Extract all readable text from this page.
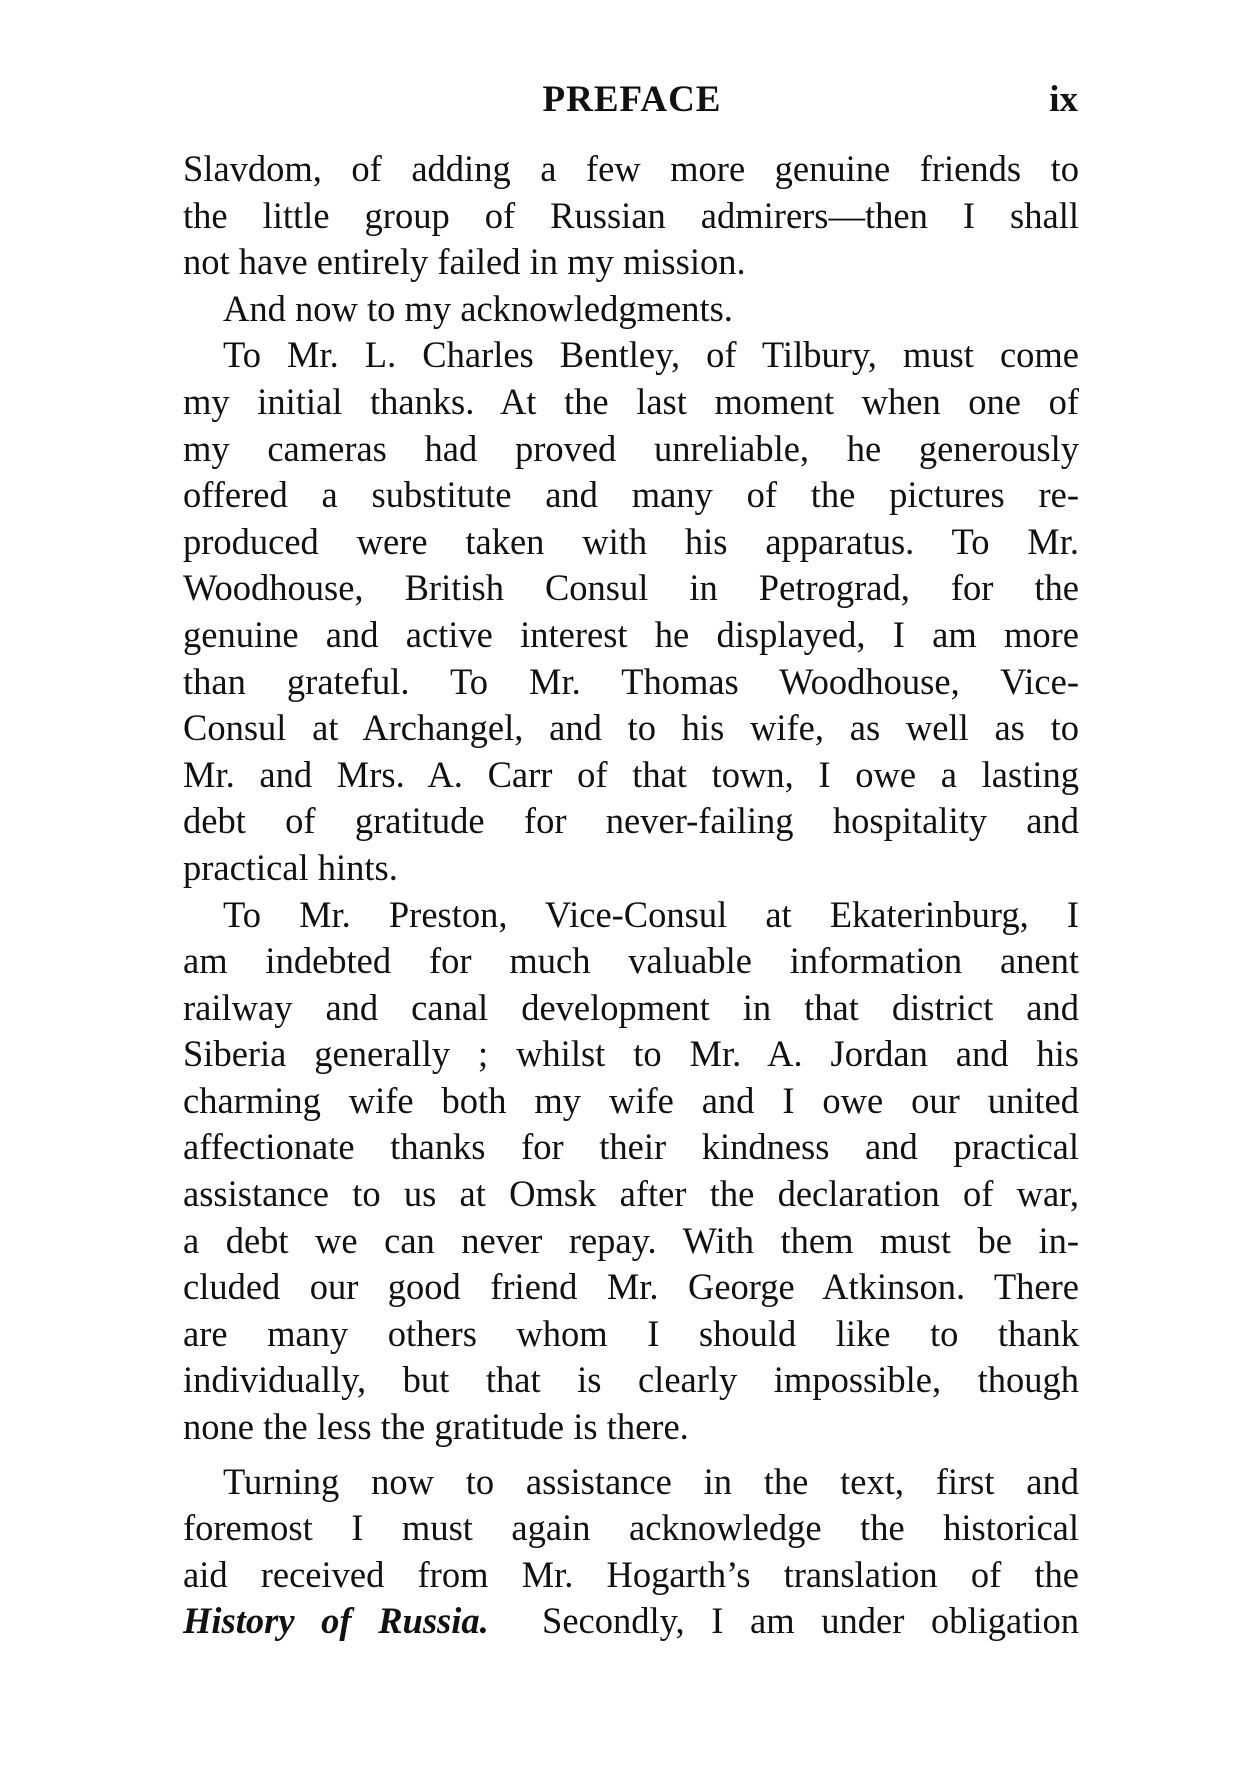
PREFACE	ix

Slavdom, of adding a few more genuine friends to
the little group of Russian admirers—then I shall
not have entirely failed in my mission.

And now to my acknowledgments.

To Mr. L. Charles Bentley, of Tilbury, must come
my initial thanks. At the last moment when one of
my cameras had proved unreliable, he generously
offered a substitute and many of the pictures re-
produced were taken with his apparatus. To Mr.
Woodhouse, British Consul in Petrograd, for the
genuine and active interest he displayed, I am more
than grateful. To Mr. Thomas Woodhouse, Vice-
Consul at Archangel, and to his wife, as well as to
Mr. and Mrs. A. Carr of that town, I owe a lasting
debt of gratitude for never-failing hospitality and
practical hints.

To Mr. Preston, Vice-Consul at Ekaterinburg, I
am indebted for much valuable information anent
railway and canal development in that district and
Siberia generally ; whilst to Mr. A. Jordan and his
charming wife both my wife and I owe our united
affectionate thanks for their kindness and practical
assistance to us at Omsk after the declaration of war,
a debt we can never repay. With them must be in-
cluded our good friend Mr. George Atkinson. There
are many others whom I should like to thank
individually, but that is clearly impossible, though
none the less the gratitude is there.

Turning now to assistance in the text, first and
foremost I must again acknowledge the historical
aid received from Mr. Hogarth’s translation of the
History of Russia.  Secondly, I am under obligation
